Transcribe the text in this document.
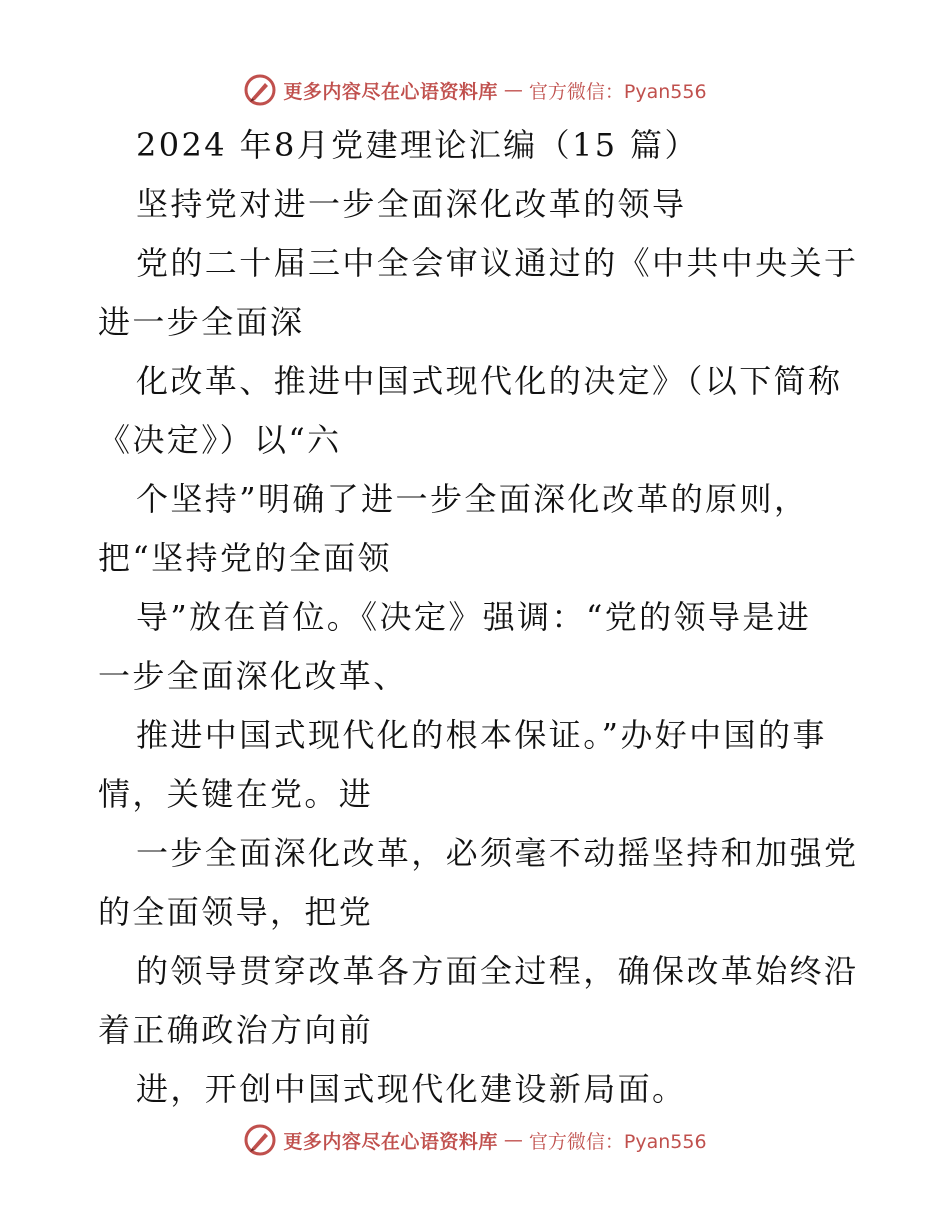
更多内容尽在心语资料库 — 官方微信：Pyan556
2024 年8月党建理论汇编（15 篇）
坚持党对进一步全面深化改革的领导
党的二十届三中全会审议通过的《中共中央关于
进一步全面深
化改革、推进中国式现代化的决定》（以下简称
《决定》）以“六
个坚持”明确了进一步全面深化改革的原则，
把“坚持党的全面领
导”放在首位。《决定》强调：“党的领导是进
一步全面深化改革、
推进中国式现代化的根本保证。”办好中国的事
情，关键在党。进
一步全面深化改革，必须毫不动摇坚持和加强党
的全面领导，把党
的领导贯穿改革各方面全过程，确保改革始终沿
着正确政治方向前
进，开创中国式现代化建设新局面。
更多内容尽在心语资料库 — 官方微信：Pyan556
